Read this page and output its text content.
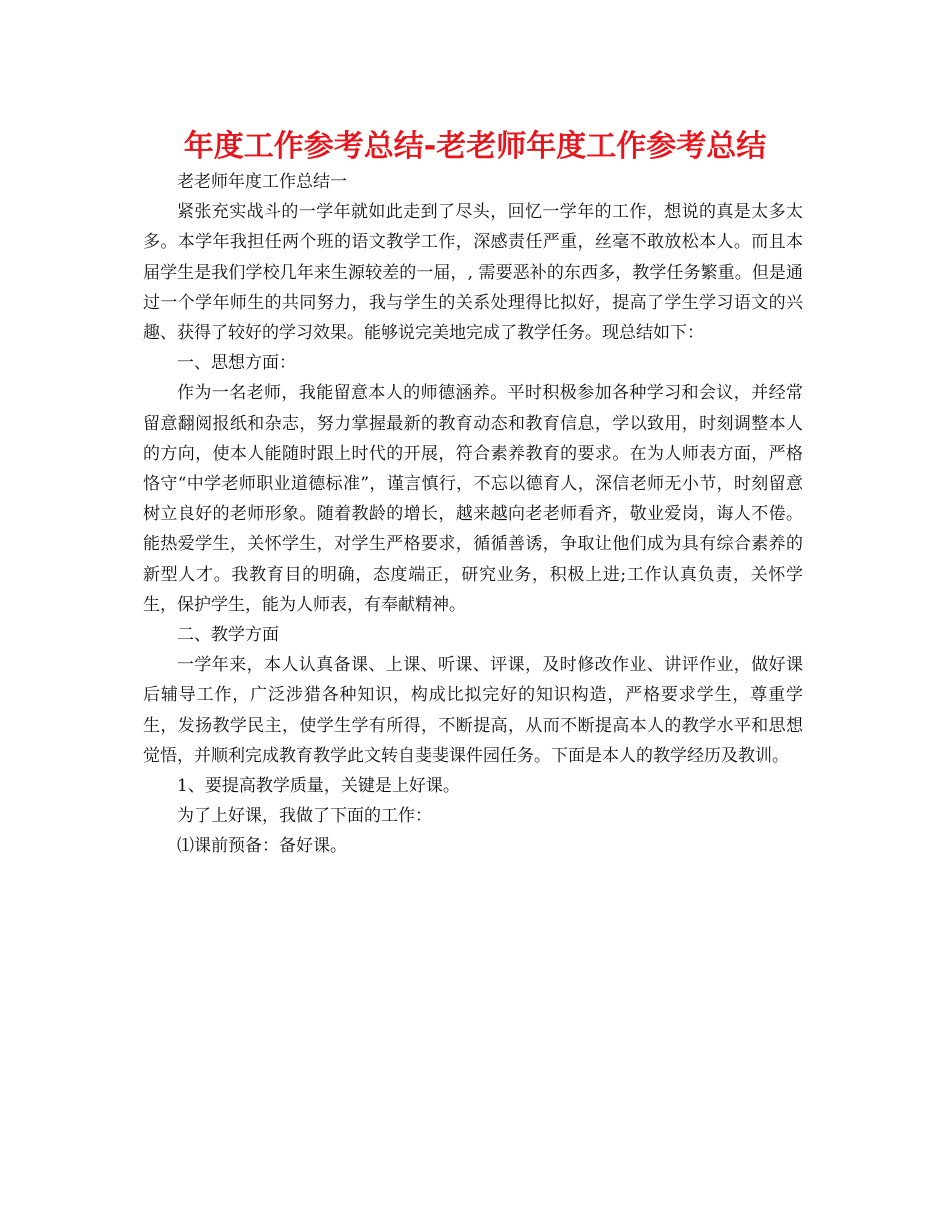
年度工作参考总结-老老师年度工作参考总结

老老师年度工作总结一

紧张充实战斗的一学年就如此走到了尽头，回忆一学年的工作，想说的真是太多太多。本学年我担任两个班的语文教学工作，深感责任严重，丝毫不敢放松本人。而且本届学生是我们学校几年来生源较差的一届，, 需要恶补的东西多，教学任务繁重。但是通过一个学年师生的共同努力，我与学生的关系处理得比拟好，提高了学生学习语文的兴趣、获得了较好的学习效果。能够说完美地完成了教学任务。现总结如下：

一、思想方面：

作为一名老师，我能留意本人的师德涵养。平时积极参加各种学习和会议，并经常留意翻阅报纸和杂志，努力掌握最新的教育动态和教育信息，学以致用，时刻调整本人的方向，使本人能随时跟上时代的开展，符合素养教育的要求。在为人师表方面，严格恪守“中学老师职业道德标准”，谨言慎行，不忘以德育人，深信老师无小节，时刻留意树立良好的老师形象。随着教龄的增长，越来越向老老师看齐，敬业爱岗，诲人不倦。能热爱学生，关怀学生，对学生严格要求，循循善诱，争取让他们成为具有综合素养的新型人才。我教育目的明确，态度端正，研究业务，积极上进;工作认真负责，关怀学生，保护学生，能为人师表，有奉献精神。

二、教学方面

一学年来，本人认真备课、上课、听课、评课，及时修改作业、讲评作业，做好课后辅导工作，广泛涉猎各种知识，构成比拟完好的知识构造，严格要求学生，尊重学生，发扬教学民主，使学生学有所得，不断提高，从而不断提高本人的教学水平和思想觉悟，并顺利完成教育教学此文转自斐斐课件园任务。下面是本人的教学经历及教训。

1、要提高教学质量，关键是上好课。

为了上好课，我做了下面的工作：

⑴课前预备：备好课。
